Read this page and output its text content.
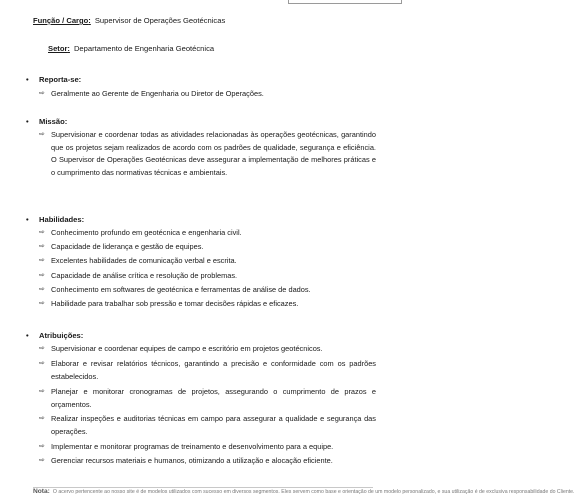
Função / Cargo: Supervisor de Operações Geotécnicas
Setor: Departamento de Engenharia Geotécnica
• Reporta-se:
⇨ Geralmente ao Gerente de Engenharia ou Diretor de Operações.
• Missão:
⇨ Supervisionar e coordenar todas as atividades relacionadas às operações geotécnicas, garantindo que os projetos sejam realizados de acordo com os padrões de qualidade, segurança e eficiência. O Supervisor de Operações Geotécnicas deve assegurar a implementação de melhores práticas e o cumprimento das normativas técnicas e ambientais.
• Habilidades:
⇨ Conhecimento profundo em geotécnica e engenharia civil.
⇨ Capacidade de liderança e gestão de equipes.
⇨ Excelentes habilidades de comunicação verbal e escrita.
⇨ Capacidade de análise crítica e resolução de problemas.
⇨ Conhecimento em softwares de geotécnica e ferramentas de análise de dados.
⇨ Habilidade para trabalhar sob pressão e tomar decisões rápidas e eficazes.
• Atribuições:
⇨ Supervisionar e coordenar equipes de campo e escritório em projetos geotécnicos.
⇨ Elaborar e revisar relatórios técnicos, garantindo a precisão e conformidade com os padrões estabelecidos.
⇨ Planejar e monitorar cronogramas de projetos, assegurando o cumprimento de prazos e orçamentos.
⇨ Realizar inspeções e auditorias técnicas em campo para assegurar a qualidade e segurança das operações.
⇨ Implementar e monitorar programas de treinamento e desenvolvimento para a equipe.
⇨ Gerenciar recursos materiais e humanos, otimizando a utilização e alocação eficiente.
Nota: O acervo pertencente ao nosso site é de modelos utilizados com sucesso em diversos segmentos. Eles servem como base e orientação de um modelo personalizado, e sua utilização é de exclusiva responsabilidade do Cliente.
